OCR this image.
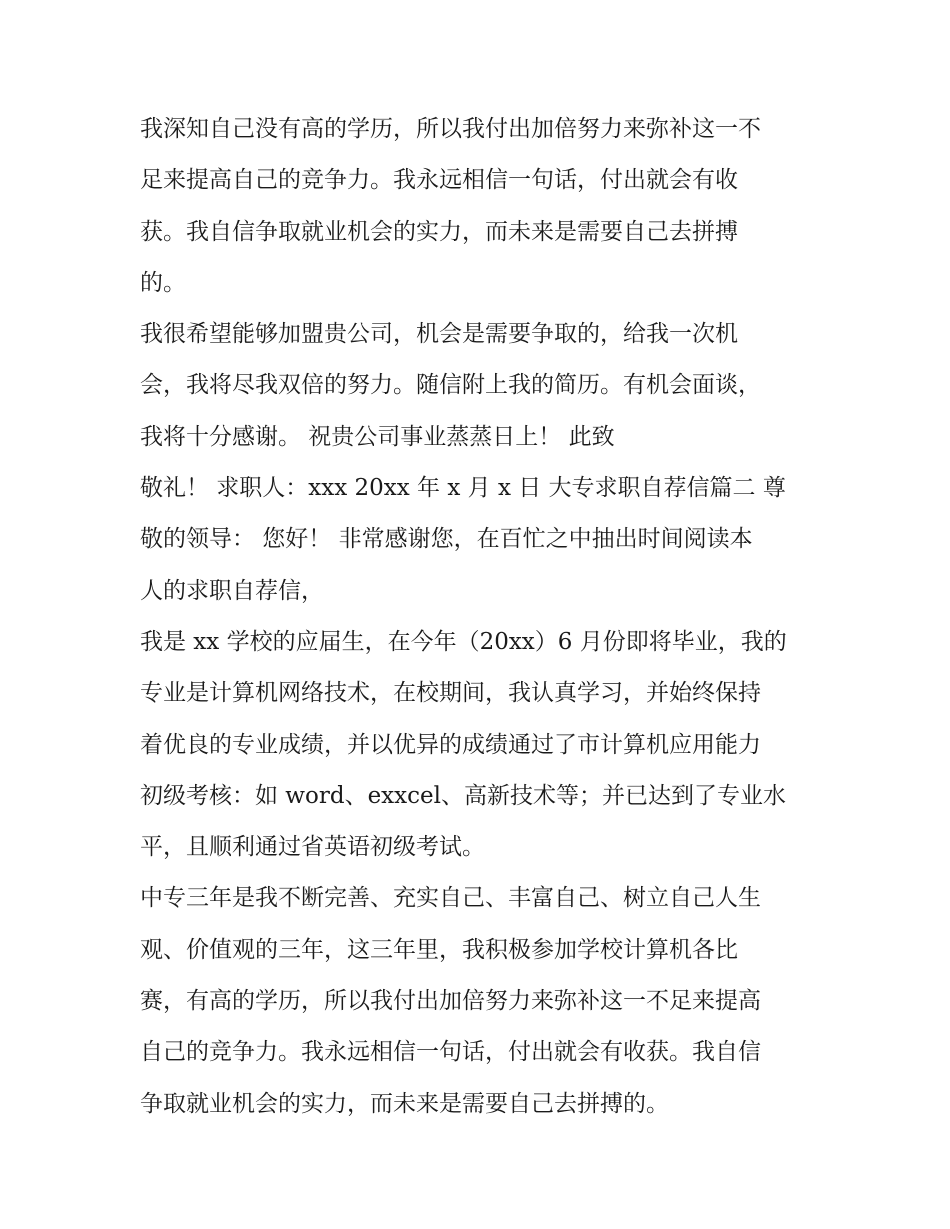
我深知自己没有高的学历，所以我付出加倍努力来弥补这一不
足来提高自己的竞争力。我永远相信一句话，付出就会有收
获。我自信争取就业机会的实力，而未来是需要自己去拼搏
的。
我很希望能够加盟贵公司，机会是需要争取的，给我一次机
会，我将尽我双倍的努力。随信附上我的简历。有机会面谈，
我将十分感谢。 祝贵公司事业蒸蒸日上！ 此致
敬礼！ 求职人：xxx 20xx 年 x 月 x 日 大专求职自荐信篇二 尊
敬的领导： 您好！ 非常感谢您，在百忙之中抽出时间阅读本
人的求职自荐信，
我是 xx 学校的应届生，在今年（20xx）6 月份即将毕业，我的
专业是计算机网络技术，在校期间，我认真学习，并始终保持
着优良的专业成绩，并以优异的成绩通过了市计算机应用能力
初级考核：如 word、exxcel、高新技术等；并已达到了专业水
平，且顺利通过省英语初级考试。
中专三年是我不断完善、充实自己、丰富自己、树立自己人生
观、价值观的三年，这三年里，我积极参加学校计算机各比
赛，有高的学历，所以我付出加倍努力来弥补这一不足来提高
自己的竞争力。我永远相信一句话，付出就会有收获。我自信
争取就业机会的实力，而未来是需要自己去拼搏的。
